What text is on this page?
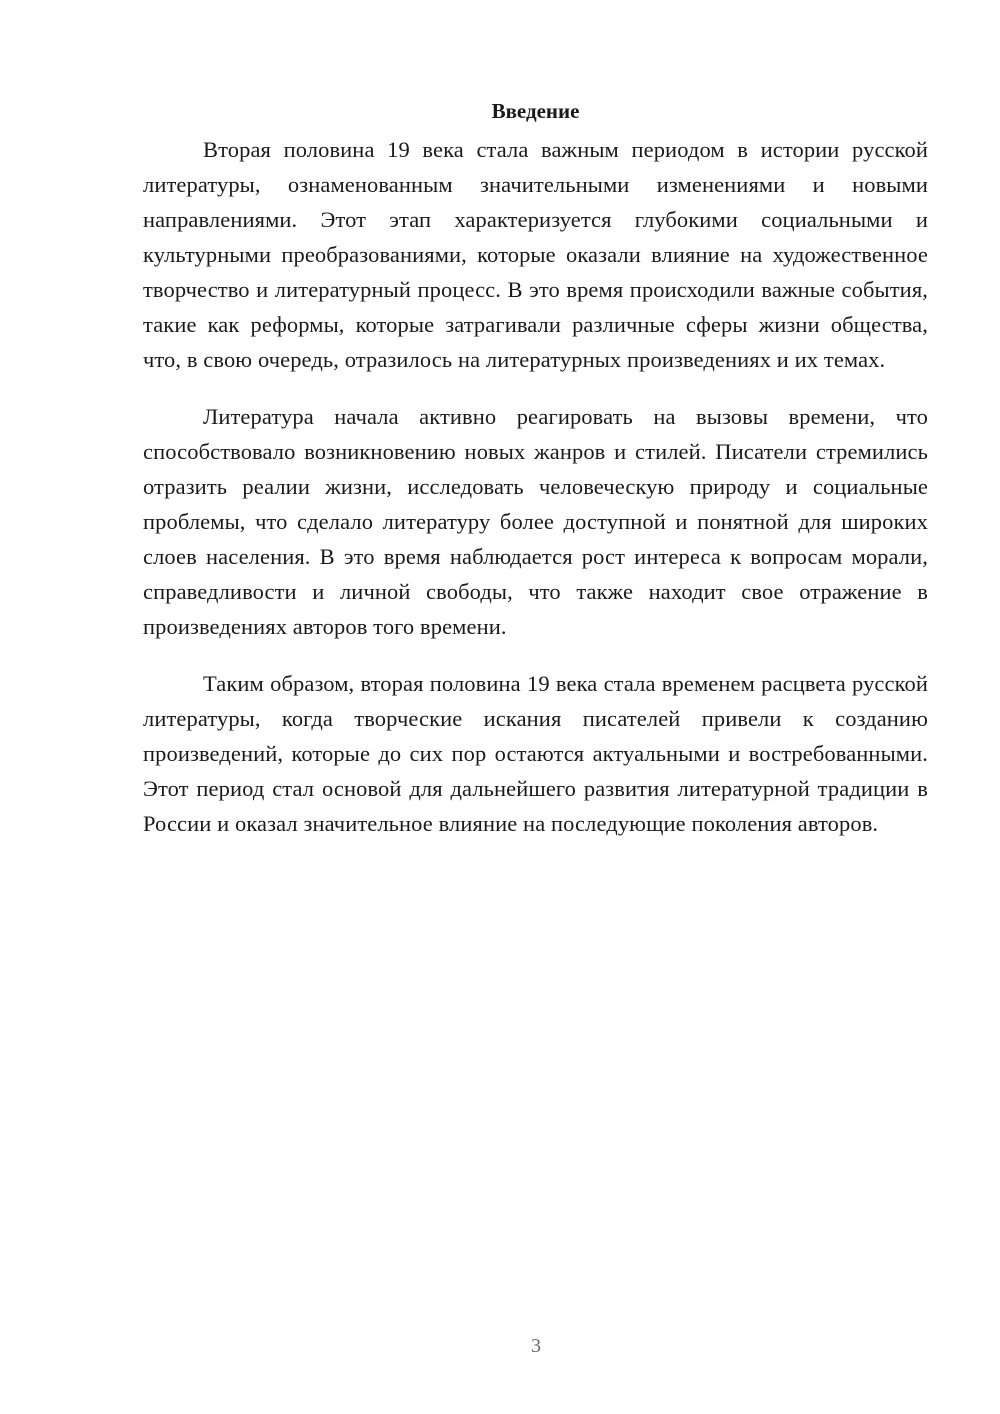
Введение

Вторая половина 19 века стала важным периодом в истории русской литературы, ознаменованным значительными изменениями и новыми направлениями. Этот этап характеризуется глубокими социальными и культурными преобразованиями, которые оказали влияние на художественное творчество и литературный процесс. В это время происходили важные события, такие как реформы, которые затрагивали различные сферы жизни общества, что, в свою очередь, отразилось на литературных произведениях и их темах.

Литература начала активно реагировать на вызовы времени, что способствовало возникновению новых жанров и стилей. Писатели стремились отразить реалии жизни, исследовать человеческую природу и социальные проблемы, что сделало литературу более доступной и понятной для широких слоев населения. В это время наблюдается рост интереса к вопросам морали, справедливости и личной свободы, что также находит свое отражение в произведениях авторов того времени.

Таким образом, вторая половина 19 века стала временем расцвета русской литературы, когда творческие искания писателей привели к созданию произведений, которые до сих пор остаются актуальными и востребованными. Этот период стал основой для дальнейшего развития литературной традиции в России и оказал значительное влияние на последующие поколения авторов.

3
